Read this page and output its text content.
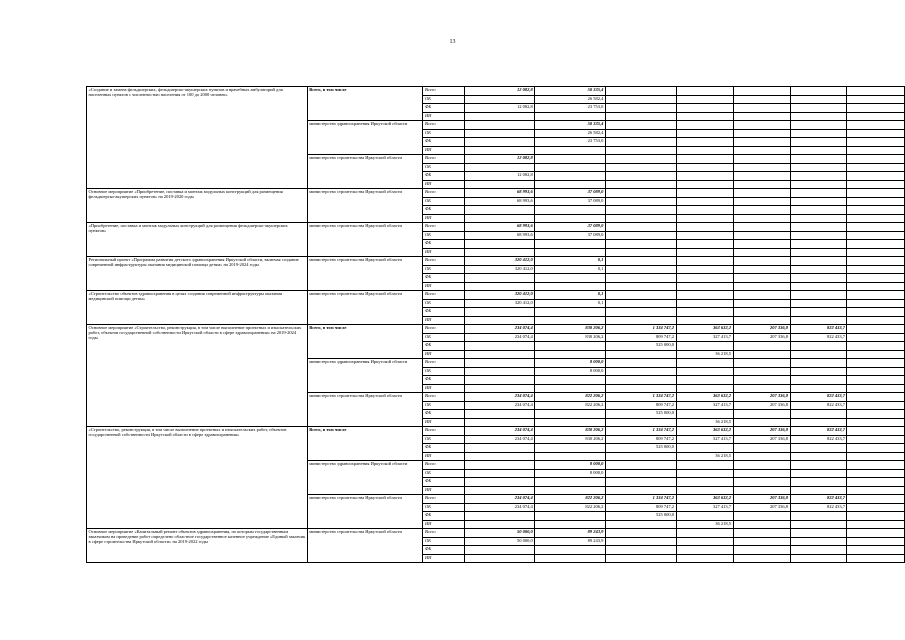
13
«Создание и замена фельдшерских, фельдшерско-акушерских пунктов и врачебных амбулаторий для населенных пунктов с численностью населения от 100 до 2000 человек»	Всего, в том числе	Всего	12 082,8	50 335,4					
		ОБ		26 582,4					
		ФБ	12 082,8	23 753,0					
		ИИ							
	министерство здравоохранения Иркутской области	Всего		50 335,4					
		ОБ		26 582,4					
		ФБ		23 753,0					
		ИИ							
	министерство строительства Иркутской области	Всего	12 082,8						
		ОБ							
		ФБ	12 082,8						
		ИИ							
Основное мероприятие «Приобретение, поставка и монтаж модульных конструкций для размещения фельдшерско-акушерских пунктов» на 2019-2020 годы	министерство строительства Иркутской области	Всего	68 993,6	37 089,0					
		ОБ	68 993,6	37 089,0					
		ФБ							
		ИИ							
«Приобретение, поставка и монтаж модульных конструкций для размещения фельдшерско-акушерских пунктов»	министерство строительства Иркутской области	Всего	68 993,6	37 089,0					
		ОБ	68 993,6	37 089,0					
		ФБ							
		ИИ							
Региональный проект «Программа развития детского здравоохранения Иркутской области, включая создание современной инфраструктуры оказания медицинской помощи детям» на 2019-2024 годы	министерство строительства Иркутской области	Всего	320 412,0	0,1					
		ОБ	320 412,0	0,1					
		ФБ							
		ИИ							
«Строительство объектов здравоохранения в целях создания современной инфраструктуры оказания медицинской помощи детям»	министерство строительства Иркутской области	Всего	320 412,0	0,1					
		ОБ	320 412,0	0,1					
		ФБ							
		ИИ							
Основное мероприятие «Строительство, реконструкция, в том числе выполнение проектных и изыскательских работ, объектов государственной собственности Иркутской области в сфере здравоохранения» на 2019-2024 годы	Всего, в том числе	Всего	234 074,4	830 206,2	1 334 747,2	363 632,2	207 336,8	822 433,7	
		ОБ	234 074,4	830 206,2	809 747,2	327 413,7	207 336,8	822 433,7	
		ФБ			525 000,0				
		ИИ				36 218,5			
	министерство здравоохранения Иркутской области	Всего		8 000,0					
		ОБ		8 000,0					
		ФБ							
		ИИ							
	министерство строительства Иркутской области	Всего	234 074,4	822 206,2	1 334 747,2	363 632,2	207 336,8	822 433,7	
		ОБ	234 074,4	822 206,2	809 747,2	327 413,7	207 336,8	822 433,7	
		ФБ			525 000,0				
		ИИ				36 218,5			
«Строительство, реконструкция, в том числе выполнение проектных и изыскательских работ, объектов государственной собственности Иркутской области в сфере здравоохранения»	Всего, в том числе	Всего	234 074,4	830 206,2	1 334 747,2	363 632,2	207 336,8	822 433,7	
		ОБ	234 074,4	830 206,2	809 747,2	327 413,7	207 336,8	822 433,7	
		ФБ			525 000,0				
		ИИ				36 218,5			
	министерство здравоохранения Иркутской области	Всего		8 000,0					
		ОБ		8 000,0					
		ФБ							
		ИИ							
	министерство строительства Иркутской области	Всего	234 074,4	822 206,2	1 334 747,2	363 632,2	207 336,8	822 433,7	
		ОБ	234 074,4	822 206,2	809 747,2	327 413,7	207 336,8	822 433,7	
		ФБ			525 000,0				
		ИИ				36 218,5			
Основное мероприятие «Капитальный ремонт объектов здравоохранения, по которым государственным заказчиком на проведение работ определено областное государственное казенное учреждение «Единый заказчик в сфере строительства Иркутской области» на 2019-2022 годы	министерство строительства Иркутской области	Всего	50 000,0	89 243,9					
		ОБ	50 000,0	89 243,9					
		ФБ							
		ИИ							
